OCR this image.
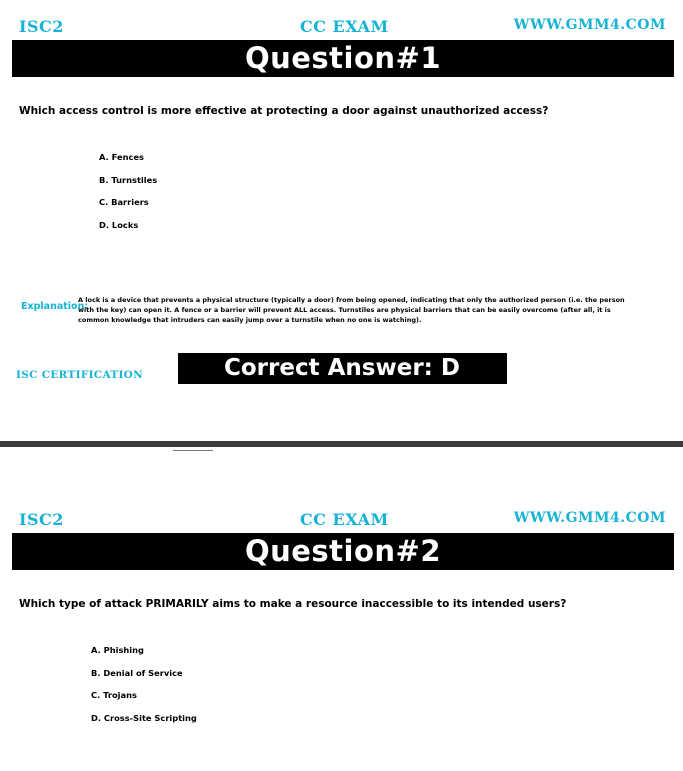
ISC2	CC EXAM	WWW.GMM4.COM
Question#1
Which access control is more effective at protecting a door against unauthorized access?
A. Fences
B. Turnstiles
C. Barriers
D. Locks
Explanation:
A lock is a device that prevents a physical structure (typically a door) from being opened, indicating that only the authorized person (i.e. the person with the key) can open it. A fence or a barrier will prevent ALL access. Turnstiles are physical barriers that can be easily overcome (after all, it is common knowledge that intruders can easily jump over a turnstile when no one is watching).
ISC CERTIFICATION	Correct Answer: D
ISC2	CC EXAM	WWW.GMM4.COM
Question#2
Which type of attack PRIMARILY aims to make a resource inaccessible to its intended users?
A. Phishing
B. Denial of Service
C. Trojans
D. Cross-Site Scripting
